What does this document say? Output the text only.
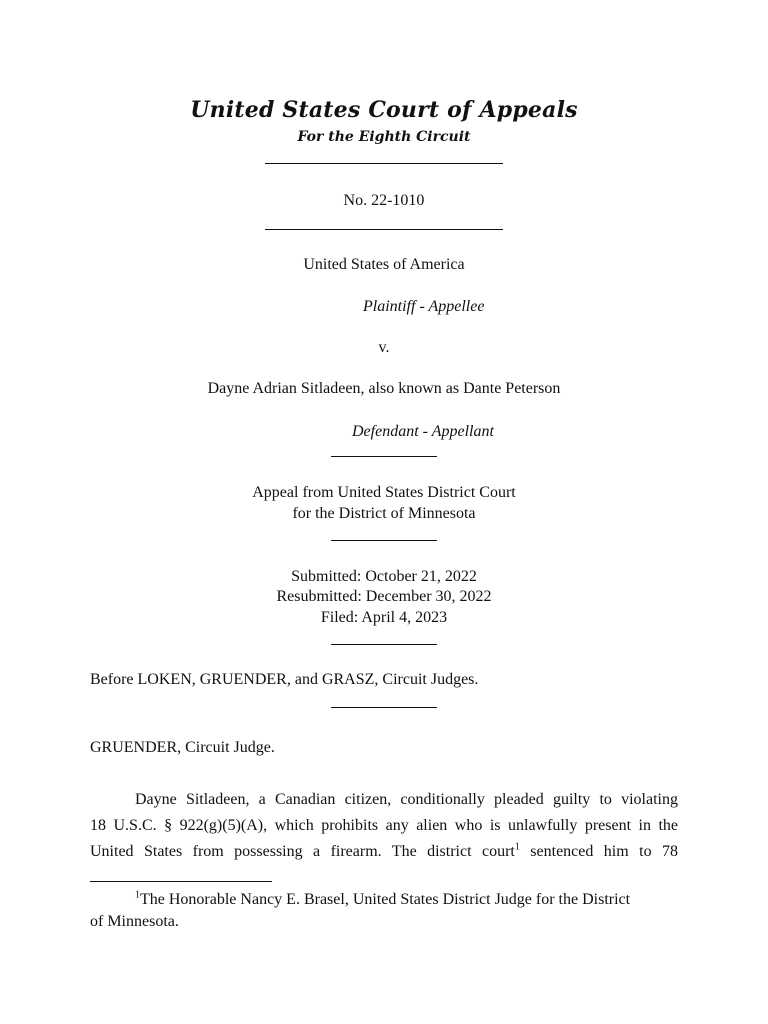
United States Court of Appeals
For the Eighth Circuit
No. 22-1010
United States of America
Plaintiff - Appellee
v.
Dayne Adrian Sitladeen, also known as Dante Peterson
Defendant - Appellant
Appeal from United States District Court
for the District of Minnesota
Submitted: October 21, 2022
Resubmitted: December 30, 2022
Filed: April 4, 2023
Before LOKEN, GRUENDER, and GRASZ, Circuit Judges.
GRUENDER, Circuit Judge.
Dayne Sitladeen, a Canadian citizen, conditionally pleaded guilty to violating
18 U.S.C. § 922(g)(5)(A), which prohibits any alien who is unlawfully present in the
United States from possessing a firearm. The district court$^1$ sentenced him to 78
$^1$The Honorable Nancy E. Brasel, United States District Judge for the District
of Minnesota.
